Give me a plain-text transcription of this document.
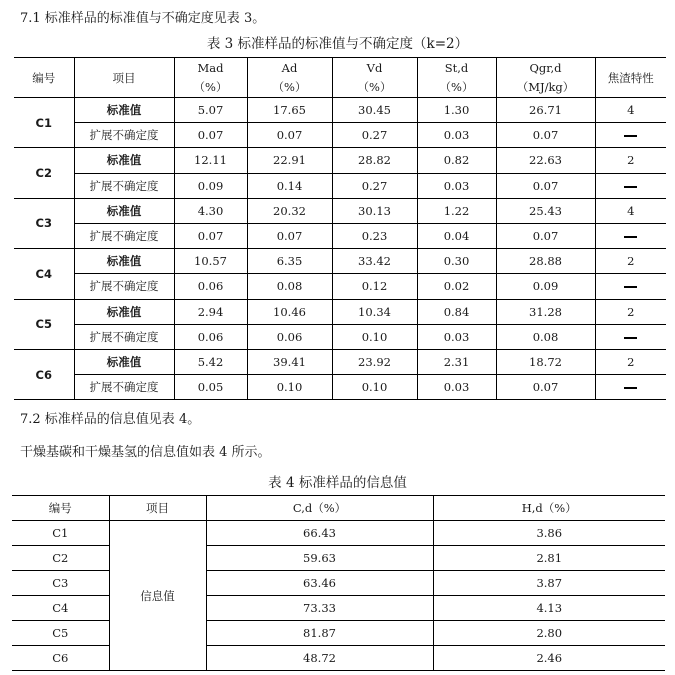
7.1 标准样品的标准值与不确定度见表 3。
表 3 标准样品的标准值与不确定度（k=2）
编号	项目	Mad	Ad	Vd	St,d	Qgr,d	焦渣特性
		（%）	（%）	（%）	（%）	（MJ/kg）	
C1	标准值	5.07	17.65	30.45	1.30	26.71	4
	扩展不确定度	0.07	0.07	0.27	0.03	0.07	
C2	标准值	12.11	22.91	28.82	0.82	22.63	2
	扩展不确定度	0.09	0.14	0.27	0.03	0.07	
C3	标准值	4.30	20.32	30.13	1.22	25.43	4
	扩展不确定度	0.07	0.07	0.23	0.04	0.07	
C4	标准值	10.57	6.35	33.42	0.30	28.88	2
	扩展不确定度	0.06	0.08	0.12	0.02	0.09	
C5	标准值	2.94	10.46	10.34	0.84	31.28	2
	扩展不确定度	0.06	0.06	0.10	0.03	0.08	
C6	标准值	5.42	39.41	23.92	2.31	18.72	2
	扩展不确定度	0.05	0.10	0.10	0.03	0.07	
7.2 标准样品的信息值见表 4。
干燥基碳和干燥基氢的信息值如表 4 所示。
表 4 标准样品的信息值
编号	项目	C,d（%）	H,d（%）
C1	信息值	66.43	3.86
C2		59.63	2.81
C3		63.46	3.87
C4		73.33	4.13
C5		81.87	2.80
C6		48.72	2.46
